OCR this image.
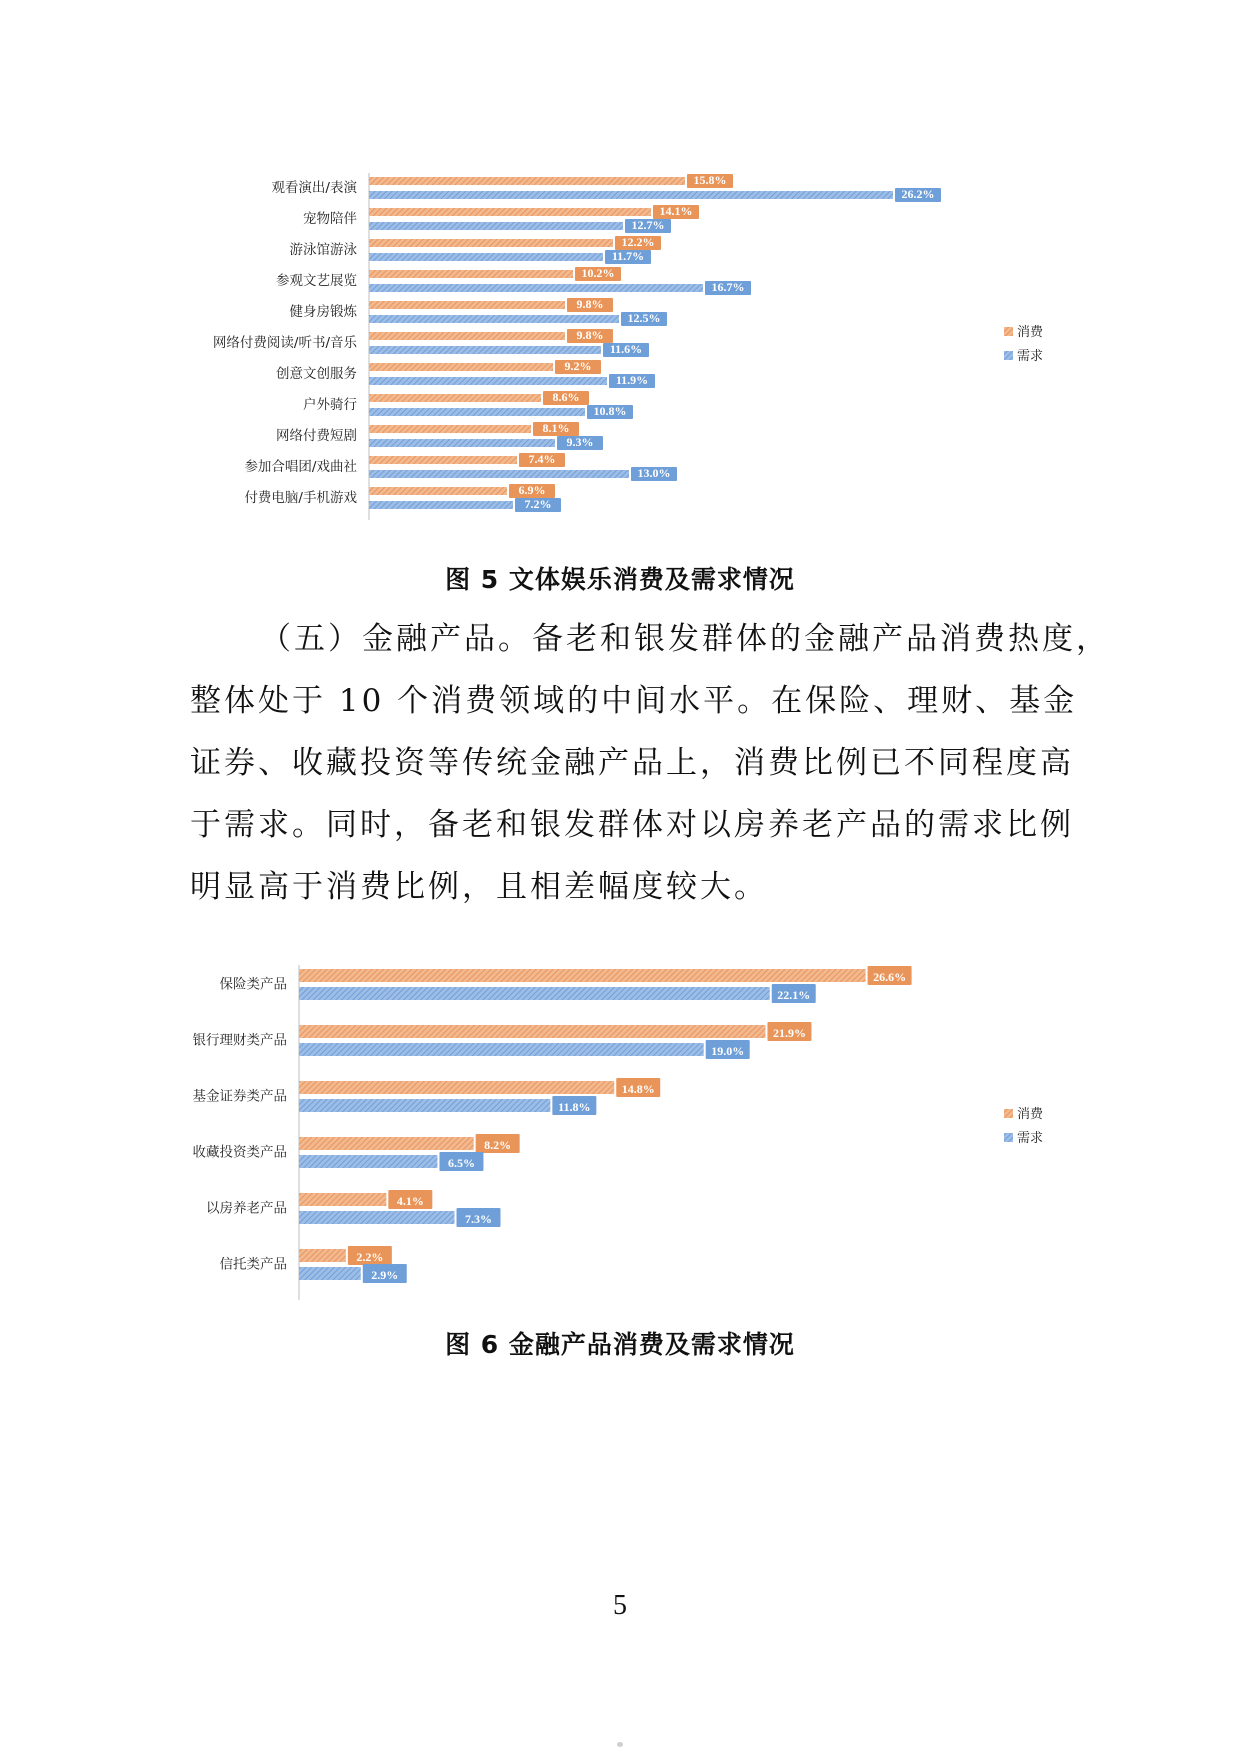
观看演出/表演	15.8%
26.2%
宠物陪伴	14.1%
12.7%
游泳馆游泳	12.2%
11.7%
参观文艺展览	10.2%
16.7%
健身房锻炼	9.8%
12.5%
网络付费阅读/听书/音乐	9.8%
11.6%
创意文创服务	9.2%
11.9%
户外骑行	8.6%
10.8%
网络付费短剧	8.1%
9.3%
参加合唱团/戏曲社	7.4%
13.0%
付费电脑/手机游戏	6.9%
7.2%
消费
需求
保险类产品	26.6%
22.1%
银行理财类产品	21.9%
19.0%
基金证券类产品	14.8%
11.8%
收藏投资类产品	8.2%
6.5%
以房养老产品	4.1%
7.3%
信托类产品	2.2%
2.9%
消费
需求
图 5 文体娱乐消费及需求情况
（五）金融产品。备老和银发群体的金融产品消费热度，
整体处于 10 个消费领域的中间水平。在保险、理财、基金
证券、收藏投资等传统金融产品上，消费比例已不同程度高
于需求。同时，备老和银发群体对以房养老产品的需求比例
明显高于消费比例，且相差幅度较大。
图 6 金融产品消费及需求情况
5
